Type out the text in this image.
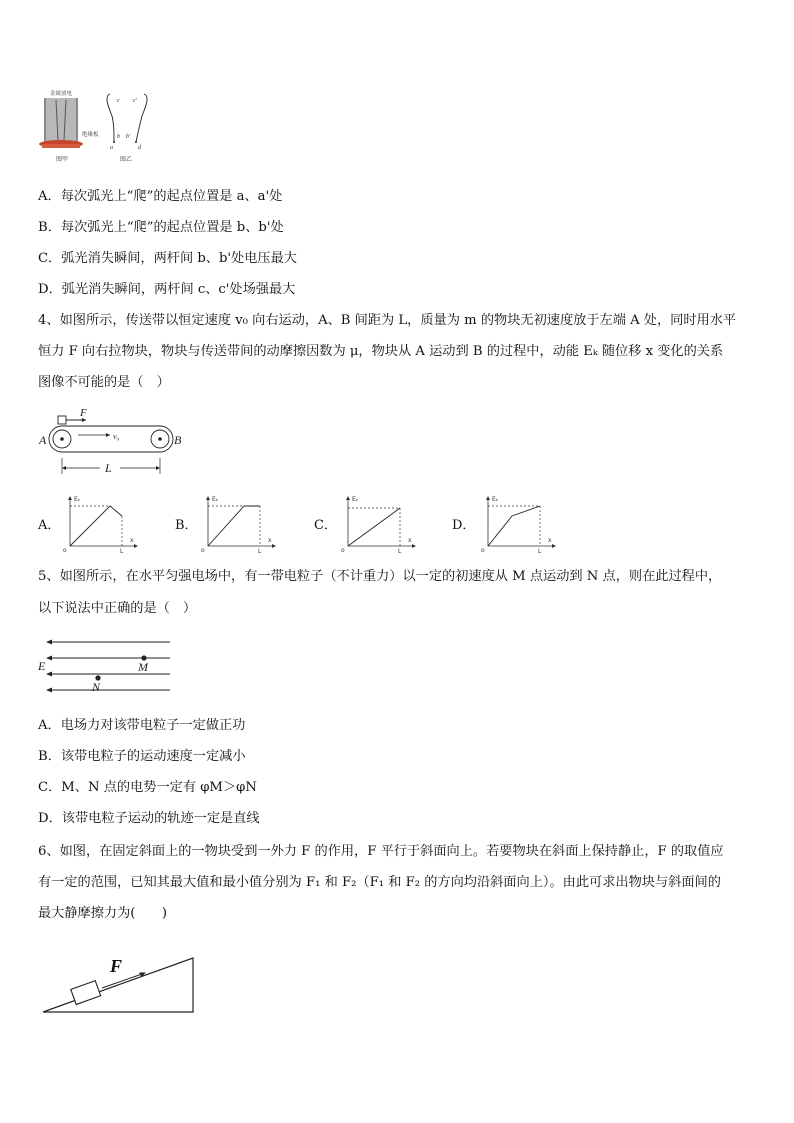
金属放电
绝缘板
图甲
c c'
b b'
a	d
图乙
A．每次弧光上“爬”的起点位置是 a、a'处
B．每次弧光上“爬”的起点位置是 b、b'处
C．弧光消失瞬间，两杆间 b、b'处电压最大
D．弧光消失瞬间，两杆间 c、c'处场强最大
4、如图所示，传送带以恒定速度 v₀ 向右运动，A、B 间距为 L，质量为 m 的物块无初速度放于左端 A 处，同时用水平
恒力 F 向右拉物块，物块与传送带间的动摩擦因数为 μ，物块从 A 运动到 B 的过程中，动能 Eₖ 随位移 x 变化的关系
图像不可能的是（　）
F
v₀
A	B
L
A．
Eₖ
x
o	L
B．
Eₖ
x
o	L
C．
Eₖ
x
o	L
D．
Eₖ
x
o	L
5、如图所示，在水平匀强电场中，有一带电粒子（不计重力）以一定的初速度从 M 点运动到 N 点，则在此过程中，
以下说法中正确的是（　）
E	M
N
A．电场力对该带电粒子一定做正功
B．该带电粒子的运动速度一定减小
C．M、N 点的电势一定有 φM＞φN
D．该带电粒子运动的轨迹一定是直线
6、如图，在固定斜面上的一物块受到一外力 F 的作用，F 平行于斜面向上。若要物块在斜面上保持静止，F 的取值应
有一定的范围，已知其最大值和最小值分别为 F₁ 和 F₂（F₁ 和 F₂ 的方向均沿斜面向上）。由此可求出物块与斜面间的
最大静摩擦力为(　　)
F
